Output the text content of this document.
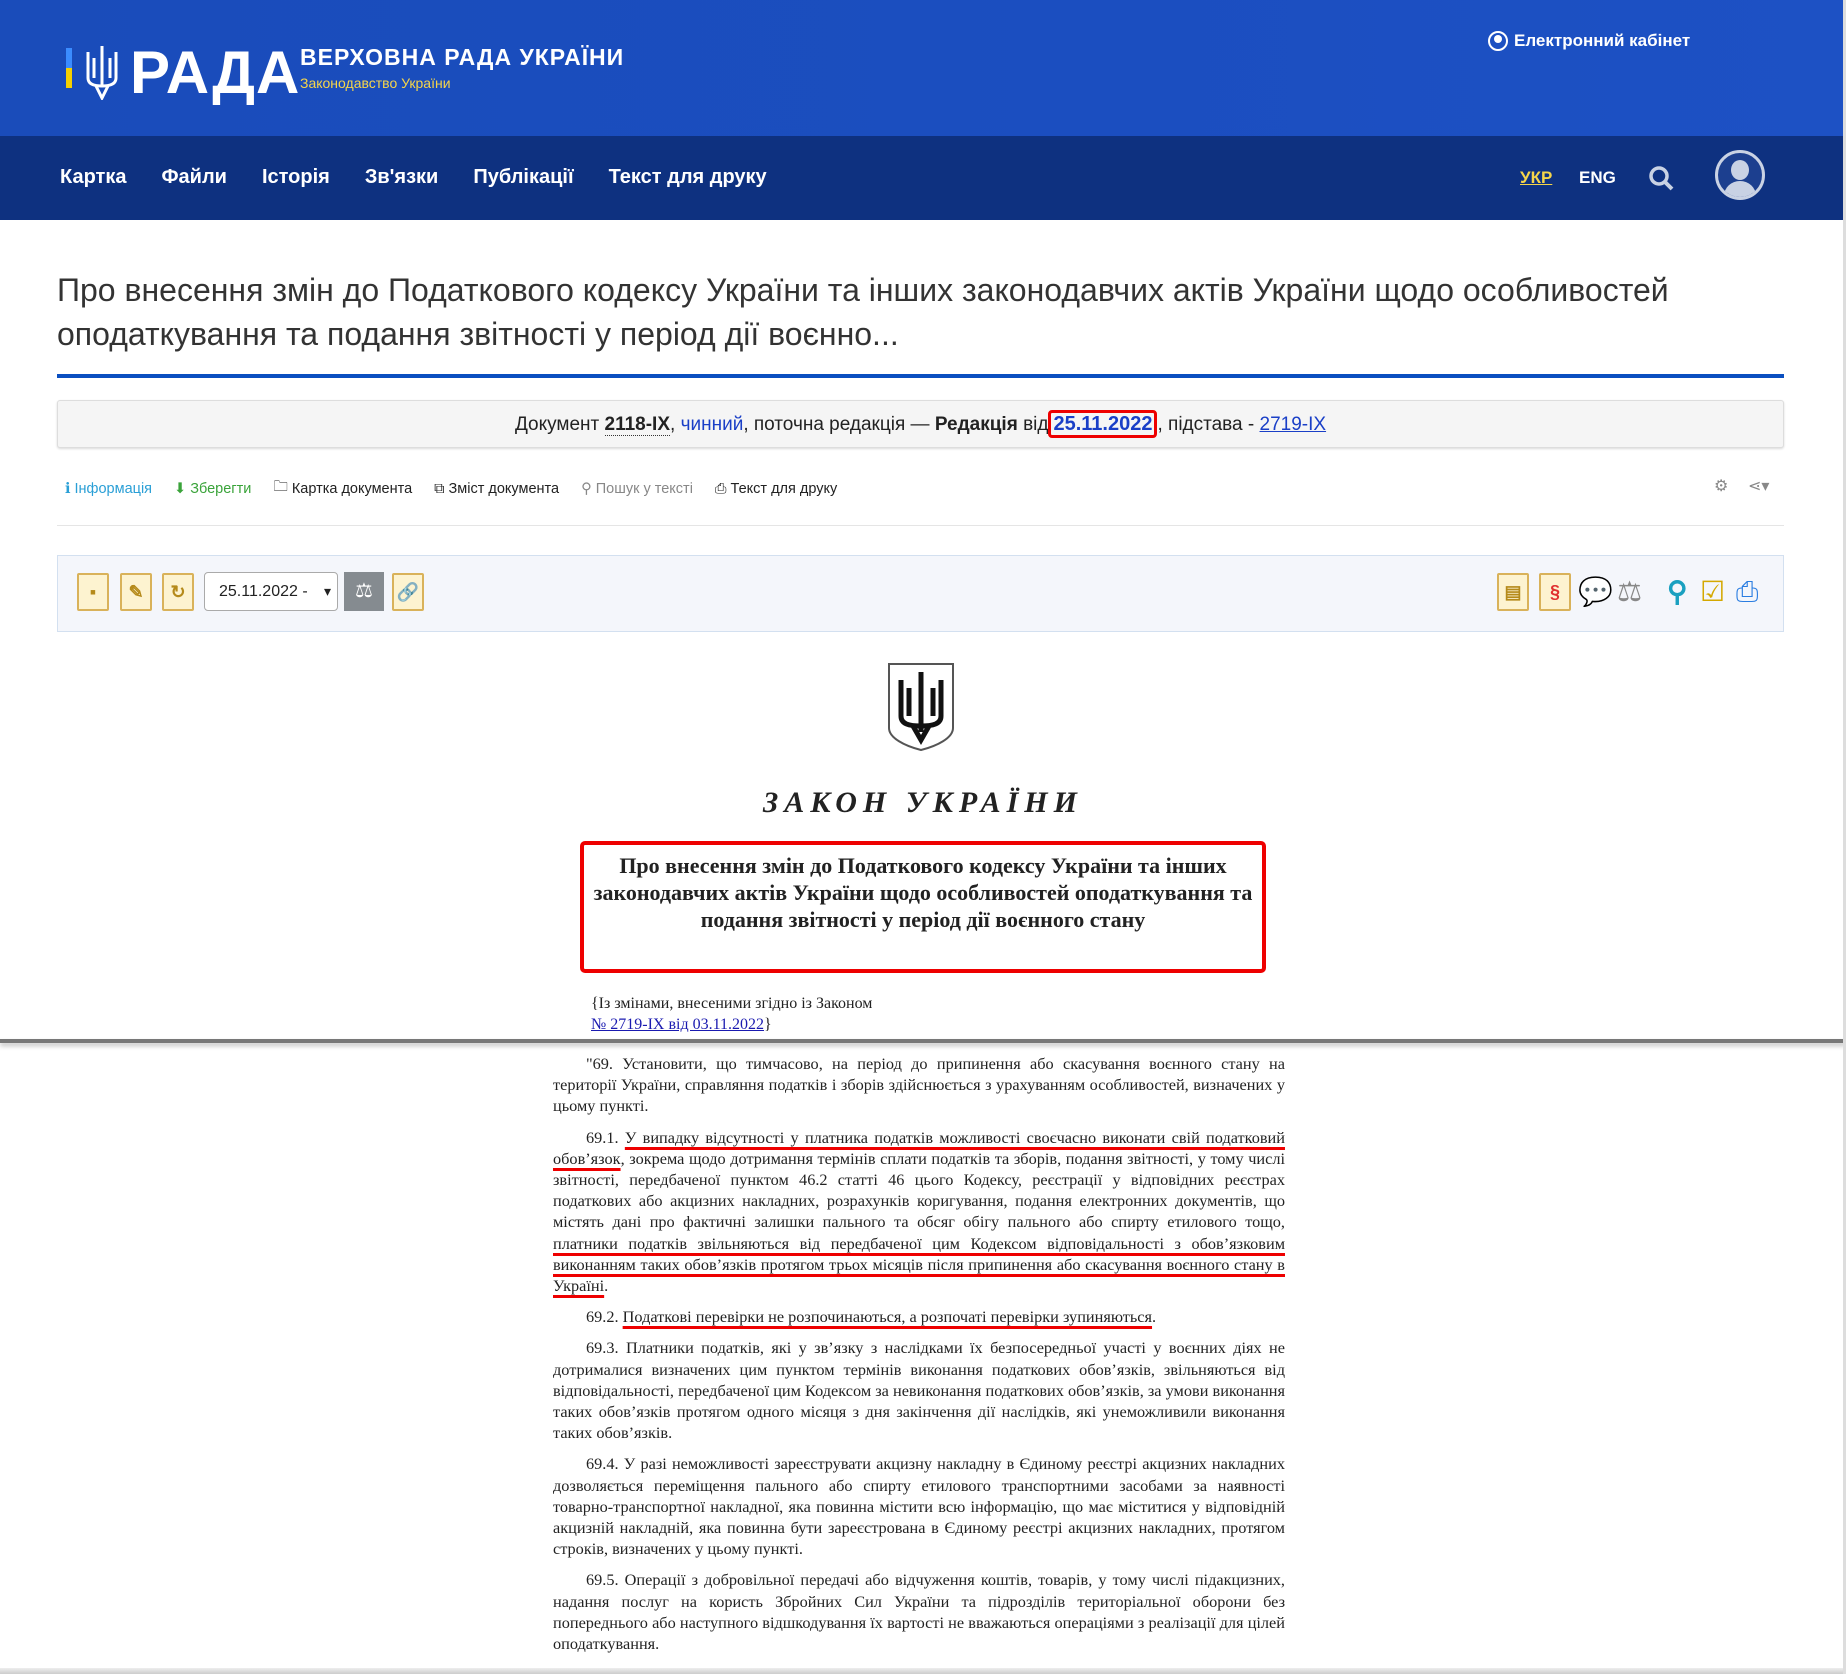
РАДА ВЕРХОВНА РАДА УКРАЇНИ
Законодавство України
Електронний кабінет
Картка Файли Історія Зв'язки Публікації Текст для друку	УКР ENG
Про внесення змін до Податкового кодексу України та інших законодавчих актів України щодо особливостей оподаткування та подання звітності у період дії воєнно...
Документ 2118-IX, чинний, поточна редакція — Редакція від 25.11.2022 , підстава - 2719-IX
ℹ Інформація ⬇ Зберегти 🗀 Картка документа ⧉ Зміст документа ⚲ Пошук у тексті ⎙ Текст для друку	⚙ ⋖▾
▪	✎	↻	25.11.2022 - ▾	⚖	🔗	▤	§ 💬 ⚖ ⚲ ☑ ⎙
ЗАКОН УКРАЇНИ
Про внесення змін до Податкового кодексу України та інших законодавчих актів України щодо особливостей оподаткування та подання звітності у період дії воєнного стану
{Із змінами, внесеними згідно із Законом
№ 2719-IX від 03.11.2022}

"69. Установити, що тимчасово, на період до припинення або скасування воєнного стану на території України, справляння податків і зборів здійснюється з урахуванням особливостей, визначених у цьому пункті.

69.1. У випадку відсутності у платника податків можливості своєчасно виконати свій податковий обов’язок, зокрема щодо дотримання термінів сплати податків та зборів, подання звітності, у тому числі звітності, передбаченої пунктом 46.2 статті 46 цього Кодексу, реєстрації у відповідних реєстрах податкових або акцизних накладних, розрахунків коригування, подання електронних документів, що містять дані про фактичні залишки пального та обсяг обігу пального або спирту етилового тощо, платники податків звільняються від передбаченої цим Кодексом відповідальності з обов’язковим виконанням таких обов’язків протягом трьох місяців після припинення або скасування воєнного стану в Україні.

69.2. Податкові перевірки не розпочинаються, а розпочаті перевірки зупиняються.

69.3. Платники податків, які у зв’язку з наслідками їх безпосередньої участі у воєнних діях не дотрималися визначених цим пунктом термінів виконання податкових обов’язків, звільняються від відповідальності, передбаченої цим Кодексом за невиконання податкових обов’язків, за умови виконання таких обов’язків протягом одного місяця з дня закінчення дії наслідків, які унеможливили виконання таких обов’язків.

69.4. У разі неможливості зареєструвати акцизну накладну в Єдиному реєстрі акцизних накладних дозволяється переміщення пального або спирту етилового транспортними засобами за наявності товарно-транспортної накладної, яка повинна містити всю інформацію, що має міститися у відповідній акцизній накладній, яка повинна бути зареєстрована в Єдиному реєстрі акцизних накладних, протягом строків, визначених у цьому пункті.

69.5. Операції з добровільної передачі або відчуження коштів, товарів, у тому числі підакцизних, надання послуг на користь Збройних Сил України та підрозділів територіальної оборони без попереднього або наступного відшкодування їх вартості не вважаються операціями з реалізації для цілей оподаткування.
